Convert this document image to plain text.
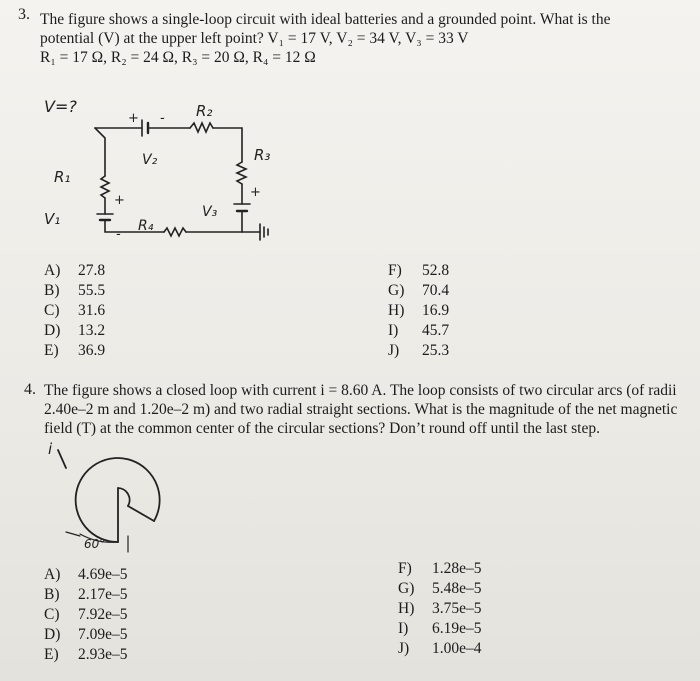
3. The figure shows a single-loop circuit with ideal batteries and a grounded point. What is the
potential (V) at the upper left point? V₁ = 17 V, V₂ = 34 V, V₃ = 33 V
R₁ = 17 Ω, R₂ = 24 Ω, R₃ = 20 Ω, R₄ = 12 Ω
V=?	R₂
+ -
V₂	R₃
+
V₃
R₁
+
-
V₁	R₄
A) 27.8
B) 55.5
C) 31.6
D) 13.2
E) 36.9
F) 52.8
G) 70.4
H) 16.9
I) 45.7
J) 25.3
4. The figure shows a closed loop with current i = 8.60 A. The loop consists of two circular arcs (of radii
2.40e–2 m and 1.20e–2 m) and two radial straight sections. What is the magnitude of the net magnetic
field (T) at the common center of the circular sections? Don’t round off until the last step.
i
60°
A) 4.69e–5
B) 2.17e–5
C) 7.92e–5
D) 7.09e–5
E) 2.93e–5
F) 1.28e–5
G) 5.48e–5
H) 3.75e–5
I) 6.19e–5
J) 1.00e–4
